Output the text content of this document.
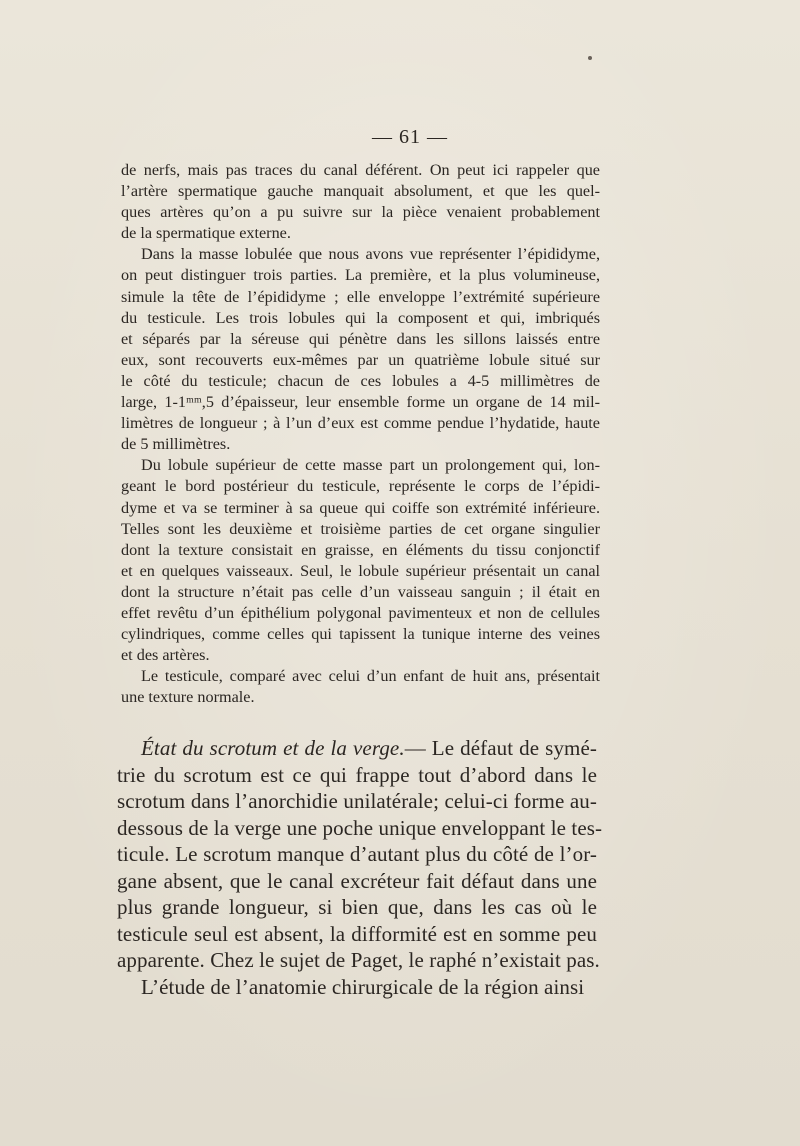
— 61 —

de nerfs, mais pas traces du canal déférent. On peut ici rappeler que
l’artère spermatique gauche manquait absolument, et que les quel-
ques artères qu’on a pu suivre sur la pièce venaient probablement
de la spermatique externe.

Dans la masse lobulée que nous avons vue représenter l’épididyme,
on peut distinguer trois parties. La première, et la plus volumineuse,
simule la tête de l’épididyme ; elle enveloppe l’extrémité supérieure
du testicule. Les trois lobules qui la composent et qui, imbriqués
et séparés par la séreuse qui pénètre dans les sillons laissés entre
eux, sont recouverts eux-mêmes par un quatrième lobule situé sur
le côté du testicule; chacun de ces lobules a 4-5 millimètres de
large, 1-1ᵐᵐ,5 d’épaisseur, leur ensemble forme un organe de 14 mil-
limètres de longueur ; à l’un d’eux est comme pendue l’hydatide, haute
de 5 millimètres.

Du lobule supérieur de cette masse part un prolongement qui, lon-
geant le bord postérieur du testicule, représente le corps de l’épidi-
dyme et va se terminer à sa queue qui coiffe son extrémité inférieure.
Telles sont les deuxième et troisième parties de cet organe singulier
dont la texture consistait en graisse, en éléments du tissu conjonctif
et en quelques vaisseaux. Seul, le lobule supérieur présentait un canal
dont la structure n’était pas celle d’un vaisseau sanguin ; il était en
effet revêtu d’un épithélium polygonal pavimenteux et non de cellules
cylindriques, comme celles qui tapissent la tunique interne des veines
et des artères.

Le testicule, comparé avec celui d’un enfant de huit ans, présentait
une texture normale.

État du scrotum et de la verge.— Le défaut de symé-
trie du scrotum est ce qui frappe tout d’abord dans le
scrotum dans l’anorchidie unilatérale; celui-ci forme au-
dessous de la verge une poche unique enveloppant le tes-
ticule. Le scrotum manque d’autant plus du côté de l’or-
gane absent, que le canal excréteur fait défaut dans une
plus grande longueur, si bien que, dans les cas où le
testicule seul est absent, la difformité est en somme peu
apparente. Chez le sujet de Paget, le raphé n’existait pas.
L’étude de l’anatomie chirurgicale de la région ainsi
